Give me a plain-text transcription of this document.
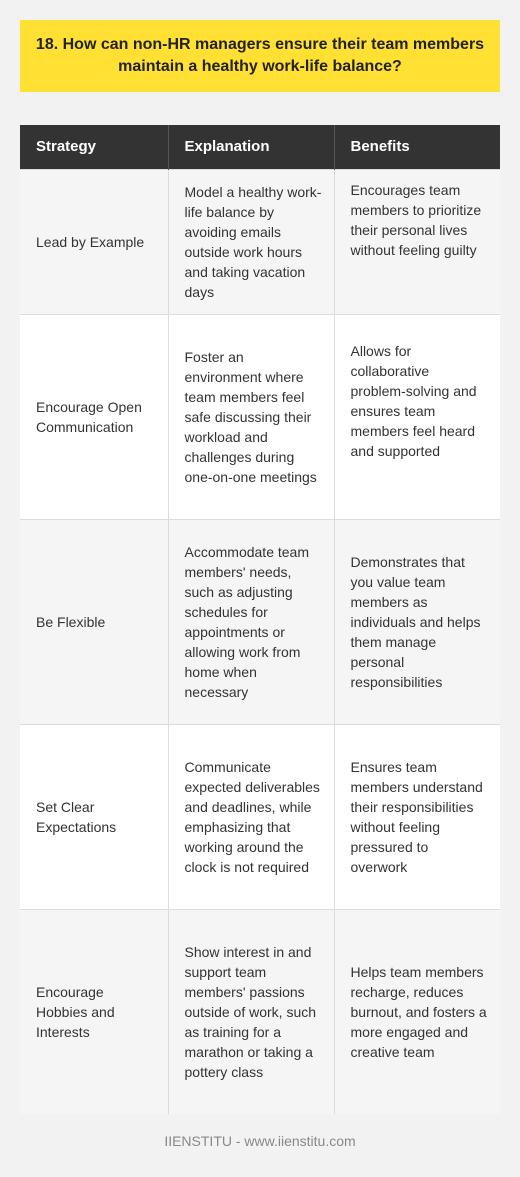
18. How can non-HR managers ensure their team members maintain a healthy work-life balance?
Strategy	Explanation	Benefits
Lead by Example	Model a healthy work-life balance by avoiding emails outside work hours and taking vacation days	Encourages team members to prioritize their personal lives without feeling guilty
Encourage Open Communication	Foster an environment where team members feel safe discussing their workload and challenges during one-on-one meetings	Allows for collaborative problem-solving and ensures team members feel heard and supported
Be Flexible	Accommodate team members' needs, such as adjusting schedules for appointments or allowing work from home when necessary	Demonstrates that you value team members as individuals and helps them manage personal responsibilities
Set Clear Expectations	Communicate expected deliverables and deadlines, while emphasizing that working around the clock is not required	Ensures team members understand their responsibilities without feeling pressured to overwork
Encourage Hobbies and Interests	Show interest in and support team members' passions outside of work, such as training for a marathon or taking a pottery class	Helps team members recharge, reduces burnout, and fosters a more engaged and creative team
IIENSTITU - www.iienstitu.com
